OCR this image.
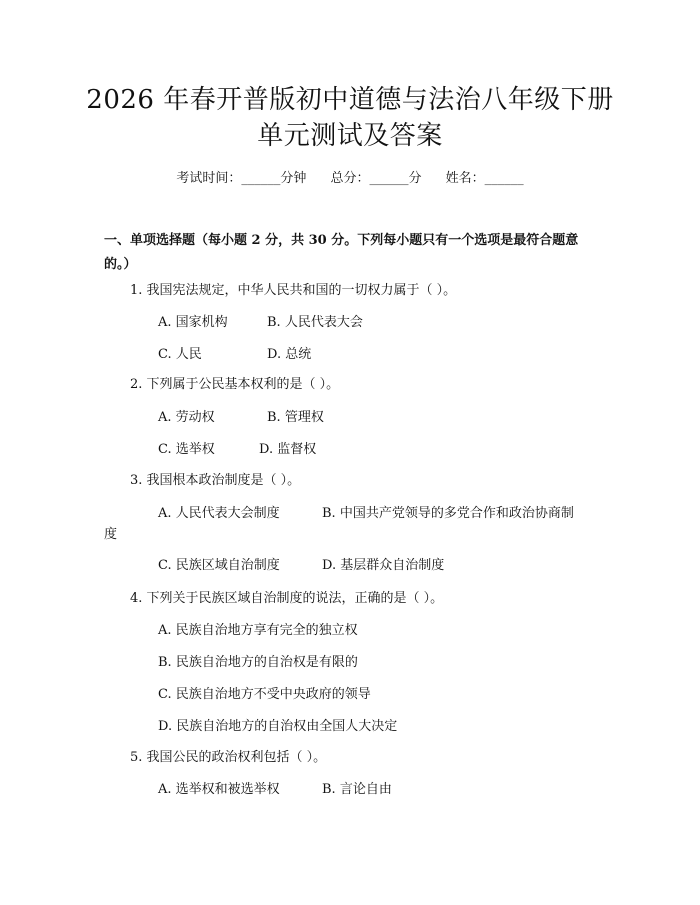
2026 年春开普版初中道德与法治八年级下册
单元测试及答案
考试时间：______分钟 总分：______分 姓名：______
一、单项选择题（每小题 2 分，共 30 分。下列每小题只有一个选项是最符合题意的。）
1. 我国宪法规定，中华人民共和国的一切权力属于（ ）。
A. 国家机构	B. 人民代表大会
C. 人民	D. 总统
2. 下列属于公民基本权利的是（ ）。
A. 劳动权	B. 管理权
C. 选举权	D. 监督权
3. 我国根本政治制度是（ ）。
A. 人民代表大会制度	B. 中国共产党领导的多党合作和政治协商制
度
C. 民族区域自治制度	D. 基层群众自治制度
4. 下列关于民族区域自治制度的说法，正确的是（ ）。
A. 民族自治地方享有完全的独立权
B. 民族自治地方的自治权是有限的
C. 民族自治地方不受中央政府的领导
D. 民族自治地方的自治权由全国人大决定
5. 我国公民的政治权利包括（ ）。
A. 选举权和被选举权	B. 言论自由
